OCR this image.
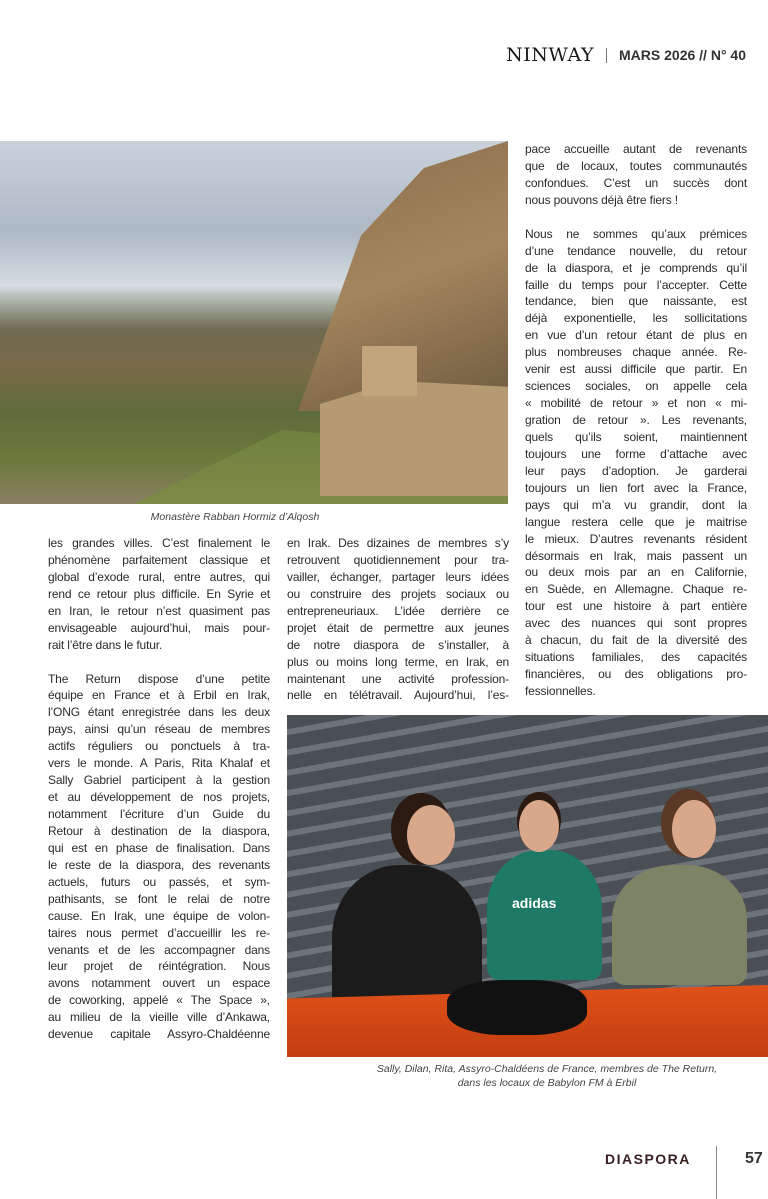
NINWAY MARS 2026 // N° 40
Monastère Rabban Hormiz d’Alqosh
les grandes villes. C’est finalement le
phénomène parfaitement classique et
global d’exode rural, entre autres, qui
rend ce retour plus difficile. En Syrie et
en Iran, le retour n’est quasiment pas
envisageable aujourd’hui, mais pour-
rait l’être dans le futur.
The Return dispose d’une petite
équipe en France et à Erbil en Irak,
l’ONG étant enregistrée dans les deux
pays, ainsi qu’un réseau de membres
actifs réguliers ou ponctuels à tra-
vers le monde. A Paris, Rita Khalaf et
Sally Gabriel participent à la gestion
et au développement de nos projets,
notamment l’écriture d’un Guide du
Retour à destination de la diaspora,
qui est en phase de finalisation. Dans
le reste de la diaspora, des revenants
actuels, futurs ou passés, et sym-
pathisants, se font le relai de notre
cause. En Irak, une équipe de volon-
taires nous permet d’accueillir les re-
venants et de les accompagner dans
leur projet de réintégration. Nous
avons notamment ouvert un espace
de coworking, appelé « The Space »,
au milieu de la vieille ville d’Ankawa,
devenue capitale Assyro-Chaldéenne
en Irak. Des dizaines de membres s’y
retrouvent quotidiennement pour tra-
vailler, échanger, partager leurs idées
ou construire des projets sociaux ou
entrepreneuriaux. L’idée derrière ce
projet était de permettre aux jeunes
de notre diaspora de s’installer, à
plus ou moins long terme, en Irak, en
maintenant une activité profession-
nelle en télétravail. Aujourd’hui, l’es-
pace accueille autant de revenants
que de locaux, toutes communautés
confondues. C’est un succès dont
nous pouvons déjà être fiers !
Nous ne sommes qu’aux prémices
d’une tendance nouvelle, du retour
de la diaspora, et je comprends qu’il
faille du temps pour l’accepter. Cette
tendance, bien que naissante, est
déjà exponentielle, les sollicitations
en vue d’un retour étant de plus en
plus nombreuses chaque année. Re-
venir est aussi difficile que partir. En
sciences sociales, on appelle cela
« mobilité de retour » et non « mi-
gration de retour ». Les revenants,
quels qu’ils soient, maintiennent
toujours une forme d’attache avec
leur pays d’adoption. Je garderai
toujours un lien fort avec la France,
pays qui m’a vu grandir, dont la
langue restera celle que je maitrise
le mieux. D’autres revenants résident
désormais en Irak, mais passent un
ou deux mois par an en Californie,
en Suède, en Allemagne. Chaque re-
tour est une histoire à part entière
avec des nuances qui sont propres
à chacun, du fait de la diversité des
situations familiales, des capacités
financières, ou des obligations pro-
fessionnelles.
adidas
Sally, Dilan, Rita, Assyro-Chaldéens de France, membres de The Return,
dans les locaux de Babylon FM à Erbil
DIASPORA	57
